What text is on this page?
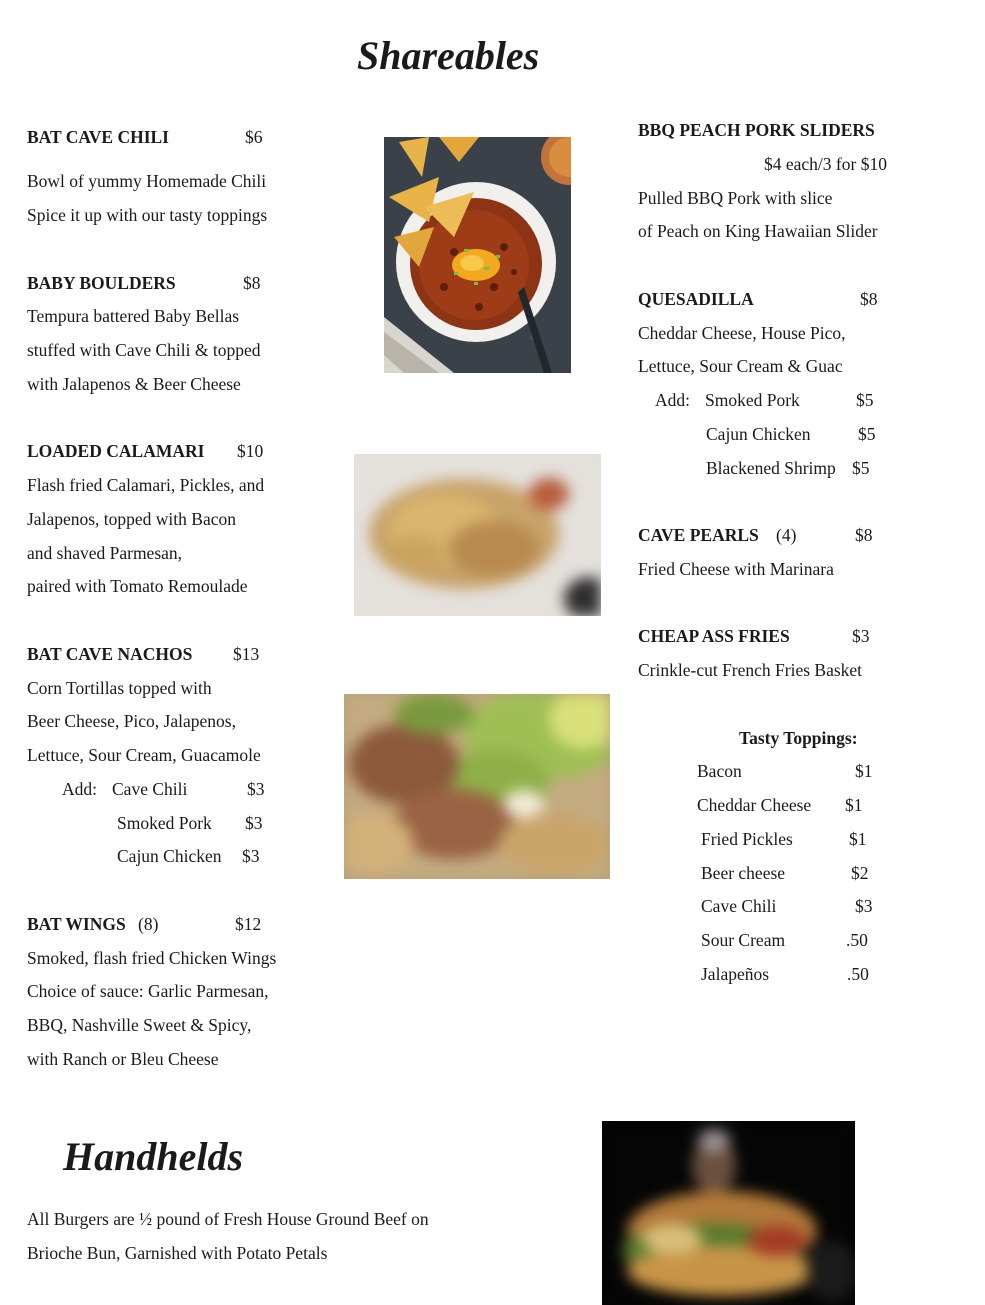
Shareables
BAT CAVE CHILI	$6
Bowl of yummy Homemade Chili
Spice it up with our tasty toppings
BABY BOULDERS	$8
Tempura battered Baby Bellas
stuffed with Cave Chili & topped
with Jalapenos & Beer Cheese
LOADED CALAMARI $10
Flash fried Calamari, Pickles, and
Jalapenos, topped with Bacon
and shaved Parmesan,
paired with Tomato Remoulade
BAT CAVE NACHOS $13
Corn Tortillas topped with
Beer Cheese, Pico, Jalapenos,
Lettuce, Sour Cream, Guacamole
Add: Cave Chili	$3
Smoked Pork $3
Cajun Chicken $3
BAT WINGS (8)	$12
Smoked, flash fried Chicken Wings
Choice of sauce: Garlic Parmesan,
BBQ, Nashville Sweet & Spicy,
with Ranch or Bleu Cheese
BBQ PEACH PORK SLIDERS
$4 each/3 for $10
Pulled BBQ Pork with slice
of Peach on King Hawaiian Slider
QUESADILLA	$8
Cheddar Cheese, House Pico,
Lettuce, Sour Cream & Guac
Add: Smoked Pork	$5
Cajun Chicken	$5
Blackened Shrimp $5
CAVE PEARLS (4)	$8
Fried Cheese with Marinara
CHEAP ASS FRIES	$3
Crinkle-cut French Fries Basket
Tasty Toppings:
Bacon	$1
Cheddar Cheese $1
Fried Pickles	$1
Beer cheese	$2
Cave Chili	$3
Sour Cream	.50
Jalapeños	.50
Handhelds
All Burgers are ½ pound of Fresh House Ground Beef on
Brioche Bun, Garnished with Potato Petals
